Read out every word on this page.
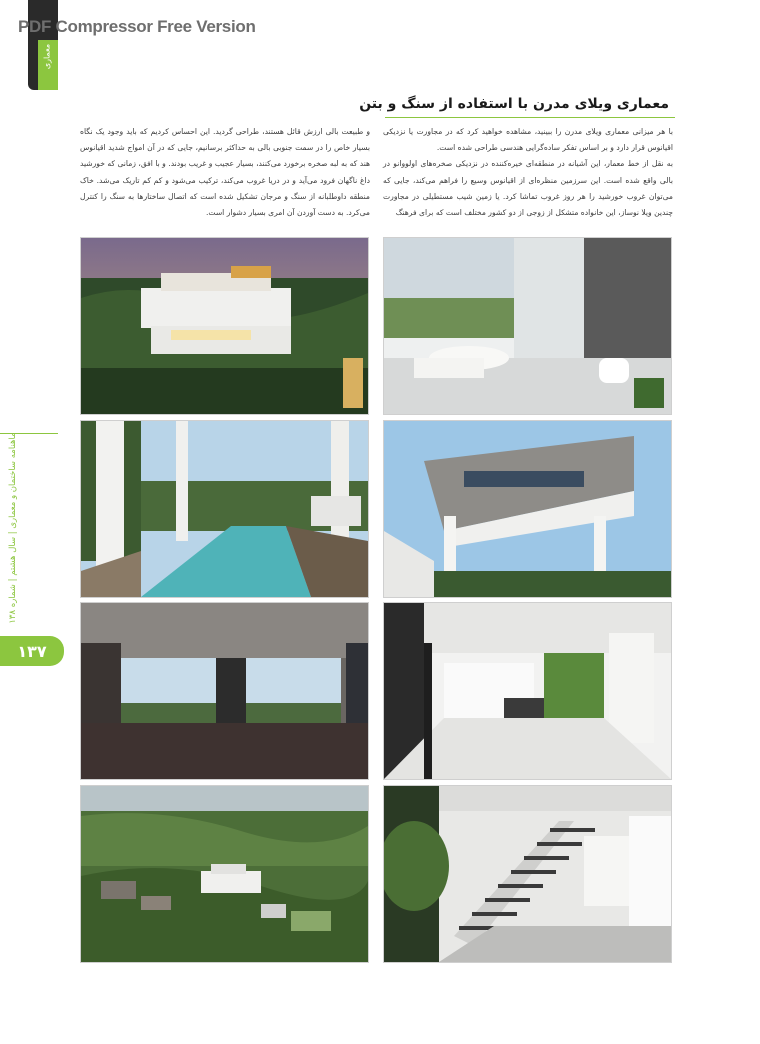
PDF Compressor Free Version
معماری
ماهنامه ساختمان و معماری | سال هشتم | شماره ۱۳۸
۱۳۷
معماری ویلای مدرن با استفاده از سنگ و بتن
با هر میزانی معماری ویلای مدرن را ببینید، مشاهده خواهید کرد که در مجاورت یا نزدیکی اقیانوس قرار دارد و بر اساس تفکر ساده‌گرایی هندسی طراحی شده است.
به نقل از خط معمار، این آشیانه در منطقه‌ای خیره‌کننده در نزدیکی صخره‌های اولووانو در بالی واقع شده است. این سرزمین منظره‌ای از اقیانوس وسیع را فراهم می‌کند، جایی که می‌توان غروب خورشید را هر روز غروب تماشا کرد. یا زمین شیب مستطیلی در مجاورت چندین ویلا نوساز، این خانواده متشکل از زوجی از دو کشور مختلف است که برای فرهنگ
و طبیعت بالی ارزش قائل هستند، طراحی گردید. این احساس کردیم که باید وجود یک نگاه بسیار خاص را در سمت جنوبی بالی به حداکثر برسانیم، جایی که در آن امواج شدید اقیانوس هند که به لبه صخره برخورد می‌کنند، بسیار عجیب و غریب بودند. و با افق، زمانی که خورشید داغ ناگهان فرود می‌آید و در دریا غروب می‌کند، ترکیب می‌شود و کم کم تاریک می‌شد. خاک منطقه داوطلبانه از سنگ و مرجان تشکیل شده است که اتصال ساختارها به سنگ را کنترل می‌کرد. به دست آوردن آن امری بسیار دشوار است.
